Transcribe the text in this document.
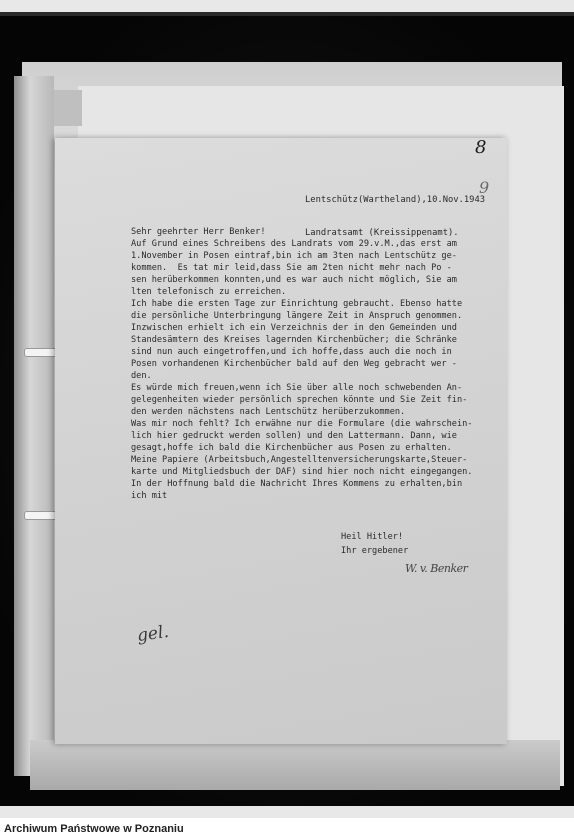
8
9

Lentschütz(Wartheland),10.Nov.1943

Landratsamt (Kreissippenamt).

Sehr geehrter Herr Benker!
Auf Grund eines Schreibens des Landrats vom 29.v.M.,das erst am
1.November in Posen eintraf,bin ich am 3ten nach Lentschütz ge-
kommen.  Es tat mir leid,dass Sie am 2ten nicht mehr nach Po -
sen herüberkommen konnten,und es war auch nicht möglich, Sie am
lten telefonisch zu erreichen.
Ich habe die ersten Tage zur Einrichtung gebraucht. Ebenso hatte
die persönliche Unterbringung längere Zeit in Anspruch genommen.
Inzwischen erhielt ich ein Verzeichnis der in den Gemeinden und
Standesämtern des Kreises lagernden Kirchenbücher; die Schränke
sind nun auch eingetroffen,und ich hoffe,dass auch die noch in
Posen vorhandenen Kirchenbücher bald auf den Weg gebracht wer -
den.
Es würde mich freuen,wenn ich Sie über alle noch schwebenden An-
gelegenheiten wieder persönlich sprechen könnte und Sie Zeit fin-
den werden nächstens nach Lentschütz herüberzukommen.
Was mir noch fehlt? Ich erwähne nur die Formulare (die wahrschein-
lich hier gedruckt werden sollen) und den Lattermann. Dann, wie
gesagt,hoffe ich bald die Kirchenbücher aus Posen zu erhalten.
Meine Papiere (Arbeitsbuch,Angestelltenversicherungskarte,Steuer-
karte und Mitgliedsbuch der DAF) sind hier noch nicht eingegangen.
In der Hoffnung bald die Nachricht Ihres Kommens zu erhalten,bin
ich mit
Heil Hitler!
Ihr ergebener
W. v. Benker
gel.
Archiwum Państwowe w Poznaniu
